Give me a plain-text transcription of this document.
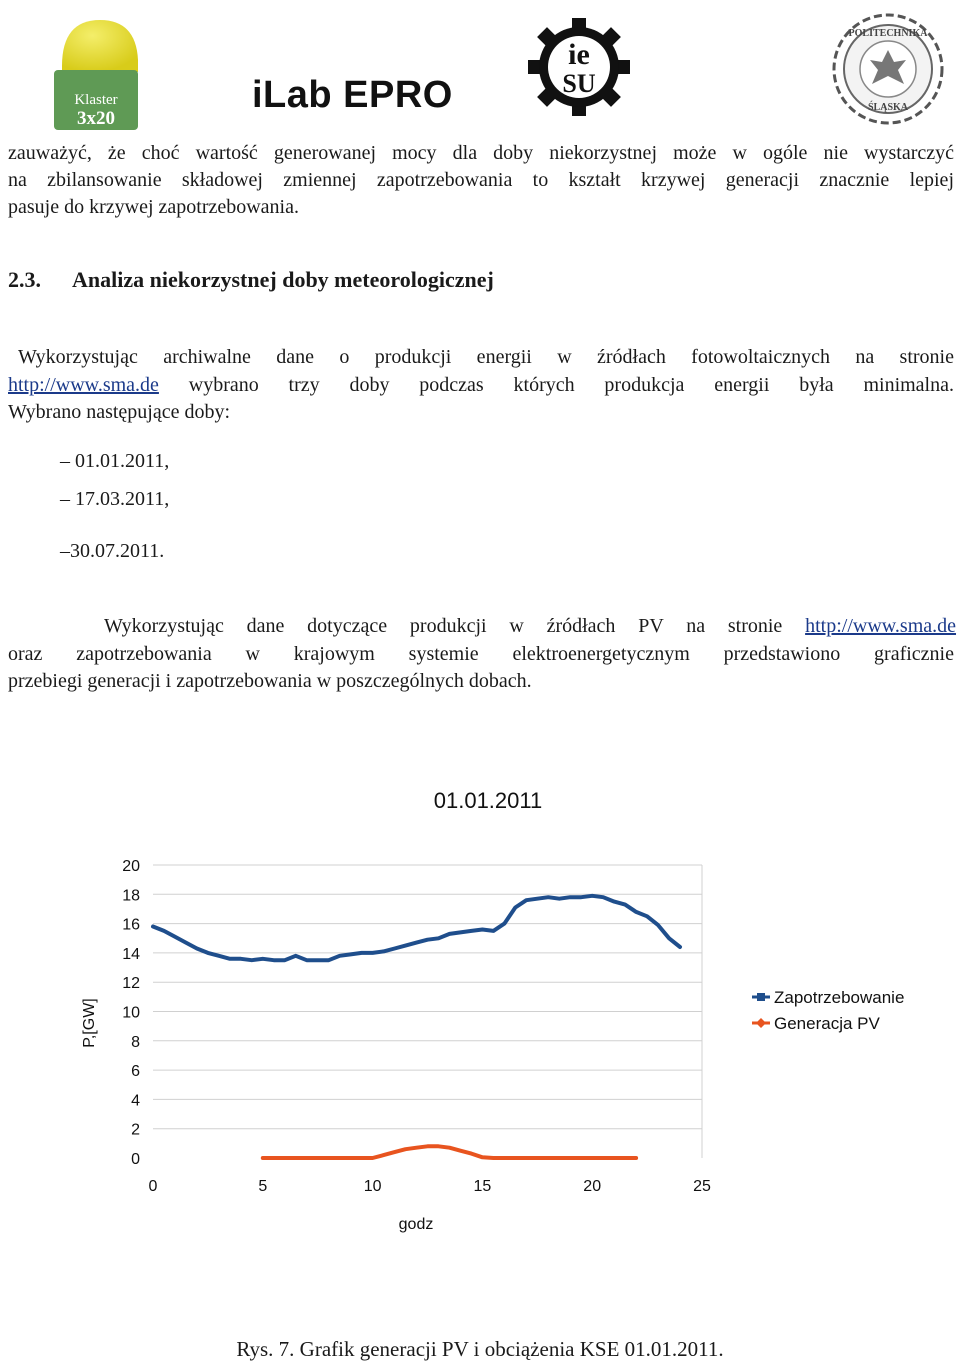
Klaster
3x20
iLab EPRO
ie
SU
POLITECHNIKA
ŚLĄSKA

zauważyć, że choć wartość generowanej mocy dla doby niekorzystnej może w ogóle nie wystarczyć

na zbilansowanie składowej zmiennej zapotrzebowania to kształt krzywej generacji znacznie lepiej

pasuje do krzywej zapotrzebowania.

2.3. Analiza niekorzystnej doby meteorologicznej

Wykorzystując archiwalne dane o produkcji energii w źródłach fotowoltaicznych na stronie

http://www.sma.de wybrano trzy doby podczas których produkcja energii była minimalna.

Wybrano następujące doby:

– 01.01.2011,
– 17.03.2011,
–30.07.2011.

Wykorzystując dane dotyczące produkcji w źródłach PV na stronie http://www.sma.de

oraz zapotrzebowania w krajowym systemie elektroenergetycznym przedstawiono graficznie

przebiegi generacji i zapotrzebowania w poszczególnych dobach.

01.01.2011
0
2
4
6
8
10
12
14
16
18
20
0	5	10	15	20	25
P,[GW]
godz
Zapotrzebowanie
Generacja PV
Rys. 7. Grafik generacji PV i obciążenia KSE 01.01.2011.
